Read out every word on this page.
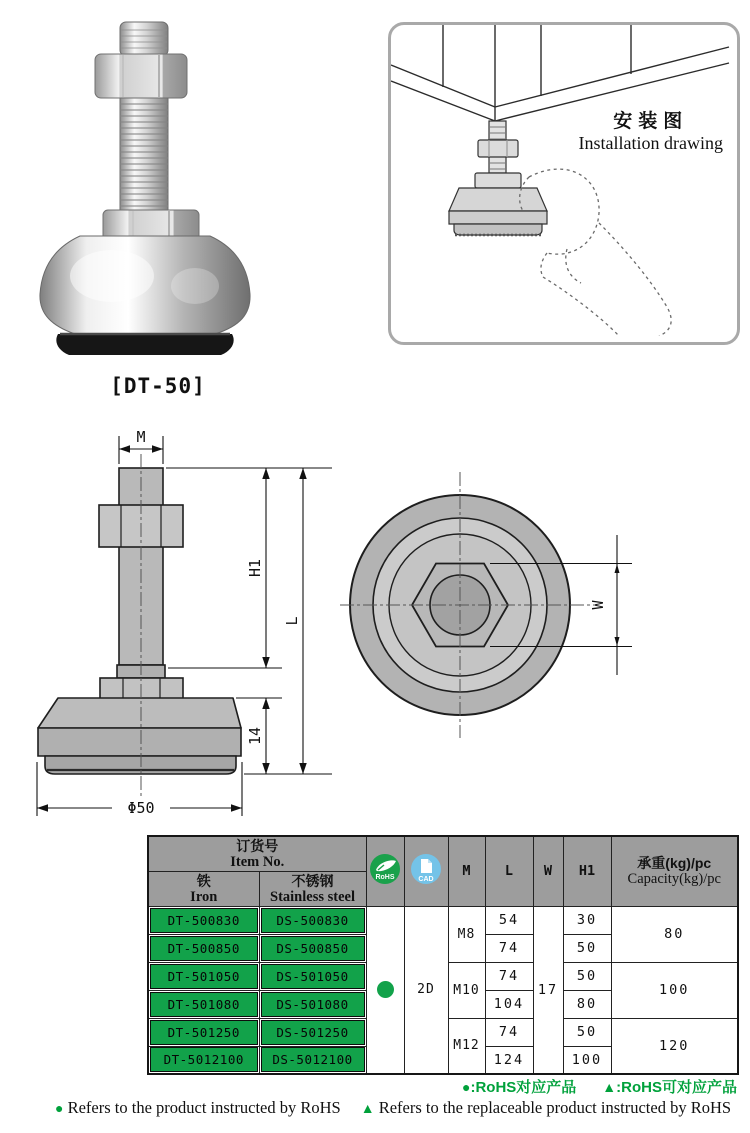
[DT-50]
安装图
Installation drawing
M
H1
L
14
Φ50
W
订货号
Item No.

RoHS	CAD	M	L	W	H1	承重(kg)/pc
Capacity(kg)/pc

铁
Iron

不锈钢
Stainless steel

DT-500830	DS-500830		2D	M8	54	17	30	80

DT-500850	DS-500850				74		50	

DT-501050	DS-501050			M10	74		50	100

DT-501080	DS-501080				104		80	

DT-501250	DS-501250			M12	74		50	120

DT-5012100	DS-5012100				124		100	
●:RoHS对应产品 ▲:RoHS可对应产品
● Refers to the product instructed by RoHS ▲ Refers to the replaceable product instructed by RoHS
